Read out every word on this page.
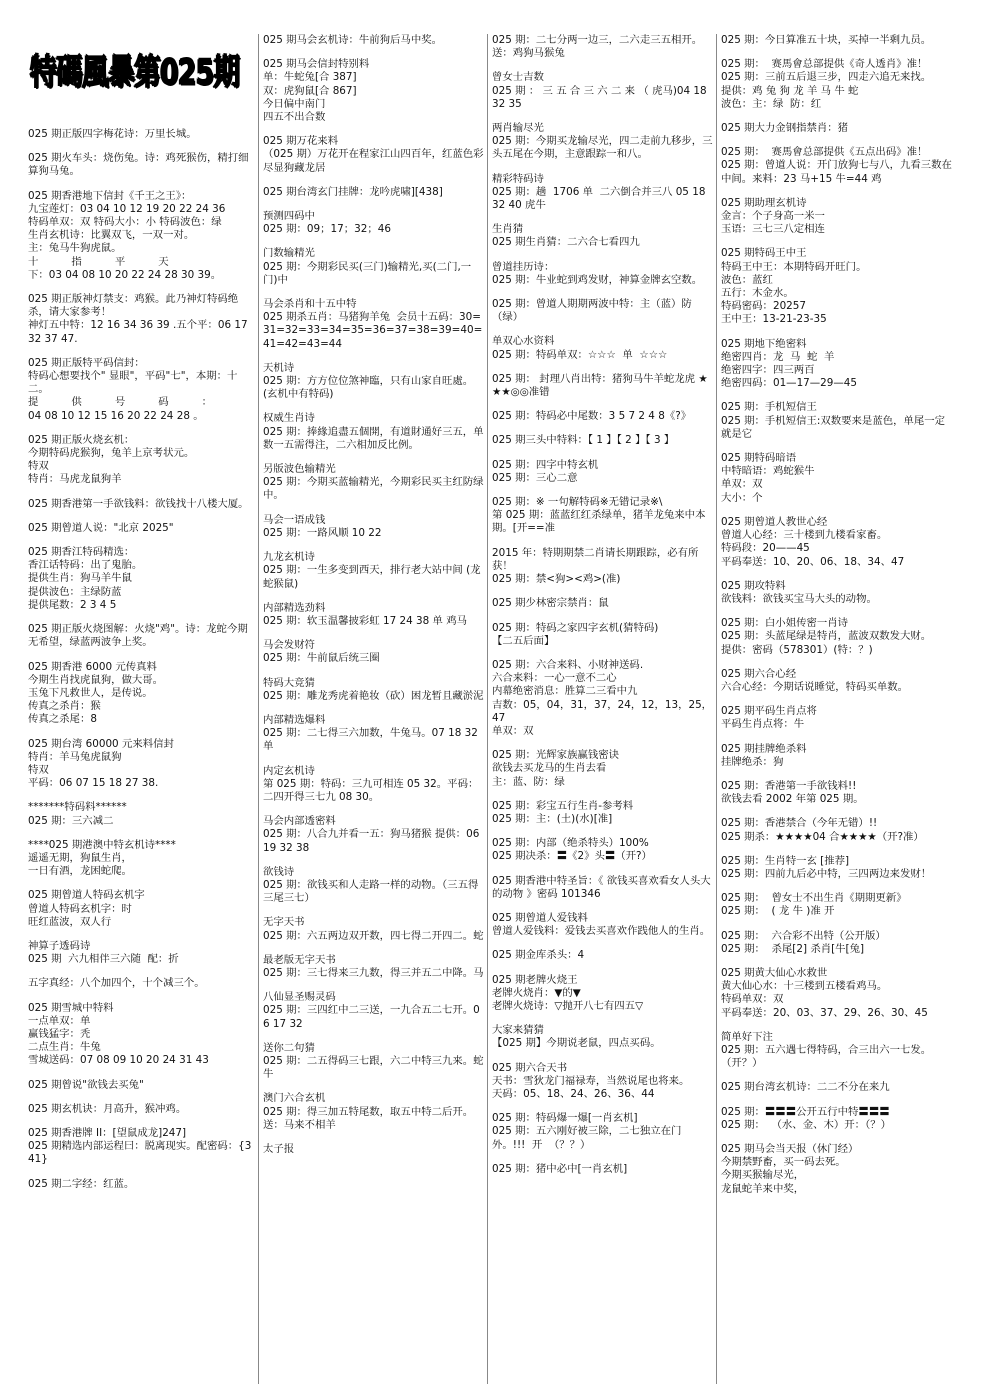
特碼風暴第025期
025 期正版四字梅花诗：万里长城。
025 期火车头：烧伤兔。诗：鸡死猴伤，精打细算狗马兔。
025 期香港地下信封《千王之王》：
九宝莲灯：03 04 10 12 19 20 22 24 36
特码单双：双 特码大小：小 特码波色：绿
生肖玄机诗：比翼双飞，一双一对。
主：兔马牛狗虎鼠。
十          指          平          天
下：03 04 08 10 20 22 24 28 30 39。
025 期正版神灯禁支：鸡猴。此乃神灯特码绝杀，请大家参考！
神灯五中特：12 16 34 36 39 .五个平：06 17 32 37 47.
025 期正版特平码信封：
特码心想要找个" 显眼"，平码"七"，本期：十二。
提          供          号          码          ：
04 08 10 12 15 16 20 22 24 28 。
025 期正版火烧玄机：
今期特码虎猴狗，兔羊上京考状元。
特双
特肖：马虎龙鼠狗羊
025 期香港第一手欲钱料：欲钱找十八楼大厦。
025 期曾道人说："北京 2025"
025 期香江特码精选：
香江话特码：出了鬼胎。
提供生肖：狗马羊牛鼠
提供波色：主绿防蓝
提供尾数：2 3 4 5
025 期正版火烧图解：火烧"鸡"。诗：龙蛇今期无希望，绿蓝两波争上奖。
025 期香港 6000 元传真料
今期生肖找虎鼠狗，做大哥。
玉兔下凡救世人，是传说。
传真之杀肖：猴
传真之杀尾：8
025 期台湾 60000 元来料信封
特肖：羊马兔虎鼠狗
特双
平码：06 07 15 18 27 38.
*******特码料******
025 期：三六减二
****025 期港澳中特玄机诗****
遥遥无期，狗鼠生肖，
一日有酒，龙困蛇爬。
025 期曾道人特码玄机字
曾道人特码玄机字：时
旺红蓝波，双人行
神算子透码诗
025 期  六九相伴三六随  配：折
五字真经：八个加四个，十个减三个。
025 期雪城中特料
一点单双：单
赢钱猛字：秃
二点生肖：牛兔
雪城送码：07 08 09 10 20 24 31 43
025 期曾说"欲钱去买兔"
025 期玄机诀：月高升，猴冲鸡。
025 期香港牌 II：[望鼠成龙]247]
025 期精选内部运程曰：脱离现实。配密码：{341}
025 期二字经：红蓝。
025 期马会玄机诗：牛前狗后马中奖。
025 期马会信封特别料
单：牛蛇兔[合 387]
双：虎狗鼠[合 867]
今日偏中南门
四五不出合数
025 期万花来料
（025 期）万花开在程家江山四百年，红蓝色彩尽显狗藏龙居
025 期台湾玄门挂牌：龙吟虎啸][438]
预测四码中
025 期：09；17；32；46
门数输精光
025 期：今期彩民买(三门)输精光,买(二门,一门)中
马会杀肖和十五中特
025 期杀五肖：马猪狗羊兔  会员十五码：30=31=32=33=34=35=36=37=38=39=40=41=42=43=44
天机诗
025 期：方方位位煞神臨，只有山家自旺處。(玄机中有特码)
权威生肖诗
025 期：捧緣追盡五個開，有道財通好三五，单数一五需得注，二六相加反比例。
另版波色输精光
025 期：今期买蓝输精光，今期彩民买主红防绿中。
马会一语成钱
025 期：一路风顺 10 22
九龙玄机诗
025 期：一生多变到西天，排行老大站中间 (龙蛇猴鼠)
内部精选劲料
025 期：软玉温馨披彩虹 17 24 38 单 鸡马
马会发财符
025 期：牛前鼠后统三圈
特码大竞猜
025 期：雕龙秀虎着艳妆（砍）困龙暂且藏淤泥
内部精选爆料
025 期：二七得三六加数，牛兔马。07 18 32 单
内定玄机诗
第 025 期：特码：三九可相连 05 32。平码：二四开得三七九 08 30。
马会内部透密料
025 期：八合九并看一五：狗马猪猴 提供：06 19 32 38
欲钱诗
025 期：欲钱买和人走路一样的动物。（三五得三尾三七）
无字天书
025 期：六五两边双开数，四七得二开四二。蛇
最老版无字天书
025 期：三七得来三九数，得三并五二中降。马
八仙显圣赐灵码
025 期：三四红中二三送，一九合五二七开。06 17 32
送你二句猜
025 期：二五得码三七跟，六二中特三九来。蛇牛
澳门六合玄机
025 期：得三加五特尾数，取五中特二后开。 送：马来不相羊
太子报
025 期：二七分两一边三，二六走三五相开。送：鸡狗马猴兔
曾女士吉数
025 期 ： 三 五 合 三 六 二 来 （ 虎马)04 18 32 35
两肖输尽光
025 期：今期买龙输尽光，四二走前九移步，三头五尾在今期，主意跟踪一和八。
精彩特码诗
025 期：趟  1706 单  二六倒合并三八 05 18 32 40 虎牛
生肖猜
025 期生肖猜：二六合七看四九
曾道挂历诗：
025 期：牛业蛇到鸡发财，神算金牌玄空数。
025 期：曾道人期期两波中特：主（蓝）防（绿）
单双心水资料
025 期：特码单双：☆☆☆  单  ☆☆☆
025 期： 封理八肖出特：猪狗马牛羊蛇龙虎 ★★★◎◎准错
025 期：特码必中尾数：3 5 7 2 4 8《?》
025 期三头中特料：【 1 】【 2 】【 3 】
025 期：四字中特玄机
025 期：三心二意
025 期：※ 一句解特码※无错记录※\
第 025 期：蓝蓝红红杀绿单，猪羊龙兔来中本期。[开==准
2015 年：特期期禁二肖请长期跟踪，必有所获！
025 期：禁<狗><鸡>(准)
025 期少林密宗禁肖：鼠
025 期：特码之家四字玄机(猜特码)
【二五后面】
025 期：六合来料、小财神送码.
六合来料：一心一意不二心
内幕绝密消息：胜算二三看中九
吉数：05，04，31，37，24，12，13，25，47
单双：双
025 期：光辉家族赢钱密诀
欲钱去买龙马的生肖去看
主：蓝、防：绿
025 期：彩宝五行生肖-参考料
025 期：主：(土)(水)[准]
025 期：内部（绝杀特头）100%
025 期决杀：〓《2》头〓（开?）
025 期香港中特圣旨：《 欲钱买喜欢看女人头大的动物 》密码 101346
025 期曾道人爱钱料
曾道人爱钱料：爱钱去买喜欢作践他人的生肖。
025 期金库杀头：4
025 期老牌火烧王
老牌火烧肖：▼的▼
老牌火烧诗：▽抛开八七有四五▽
大家来猜猜
【025 期】今期说老鼠，四点买码。
025 期六合天书
天书：雪狄龙门福禄寿，当然说尾也将来。
天码：05、18、24、26、36、44
025 期：特码爆一爆[一肖玄机]
025 期：五六刚好被三除，二七独立在门外。!!!  开  （？？）
025 期：猪中必中[一肖玄机]
025 期：今日算准五十块，买掉一半剩九员。
025 期：  赛馬會总部提供《奇人透肖》准！
025 期：三前五后退三步，四走六追无来找。
提供：鸡 兔 狗 龙 羊 马 牛 蛇
波色：主：绿  防：红
025 期大力金钢指禁肖：猪
025 期：  赛馬會总部提供《五点出码》准！
025 期：曾道人说：开门放狗七与八，九看三数在中间。来料：23 马+15 牛=44 鸡
025 期助理玄机诗
金言：个子身高一米一
玉语：三七三八定相连
025 期特码王中王
特码王中王：本期特码开旺门。
波色：蓝红
五行：木金水。
特码密码：20257
王中王：13-21-23-35
025 期地下绝密料
绝密四肖：龙  马  蛇  羊
绝密四字：四三两百
绝密四码：01—17—29—45
025 期：手机短信王
025 期：手机短信王:双数要来是蓝色，单尾一定就是它
025 期特码暗语
中特暗语：鸡蛇猴牛
单双：双
大小：个
025 期曾道人教世心经
曾道人心经：三十楼到九楼看家畜。
特码段：20——45
平码奉送：10、20、06、18、34、47
025 期攻特料
欲钱料：欲钱买宝马大头的动物。
025 期：白小姐传密一肖诗
025 期：头蓝尾绿是特肖，蓝波双数发大财。
提供：密码（578301）(特：？)
025 期六合心经
六合心经：今期话说睡觉，特码买单数。
025 期平码生肖点将
平码生肖点将：牛
025 期挂牌绝杀料
挂牌绝杀：狗
025 期：香港第一手欲钱料!!
欲钱去看 2002 年第 025 期。
025 期：香港禁合（今年无错）!!
025 期杀：★★★★04 合★★★★（开?准）
025 期：生肖特一玄 [推荐]
025 期：四前九后必中特，三四两边来发财！
025 期：  曾女士不出生肖《期期更新》
025 期：  ( 龙 牛 )准 开
025 期：  六合彩不出特（公开版）
025 期：  杀尾[2] 杀肖[牛[兔]
025 期黄大仙心水救世
黄大仙心水：十三楼到五楼看鸡马。
特码单双：双
平码奉送：20、03、37、29、26、30、45
简单好下注
025 期：五六遇七得特码，合三出六一七发。（开？）
025 期台湾玄机诗：二二不分在来九
025 期：〓〓〓公开五行中特〓〓〓
025 期：  （水、金、木）开：（？）
025 期马会当天报（休门经）
今期禁野畜，买一码去死。
今期买猴输尽光，
龙鼠蛇羊来中奖，
